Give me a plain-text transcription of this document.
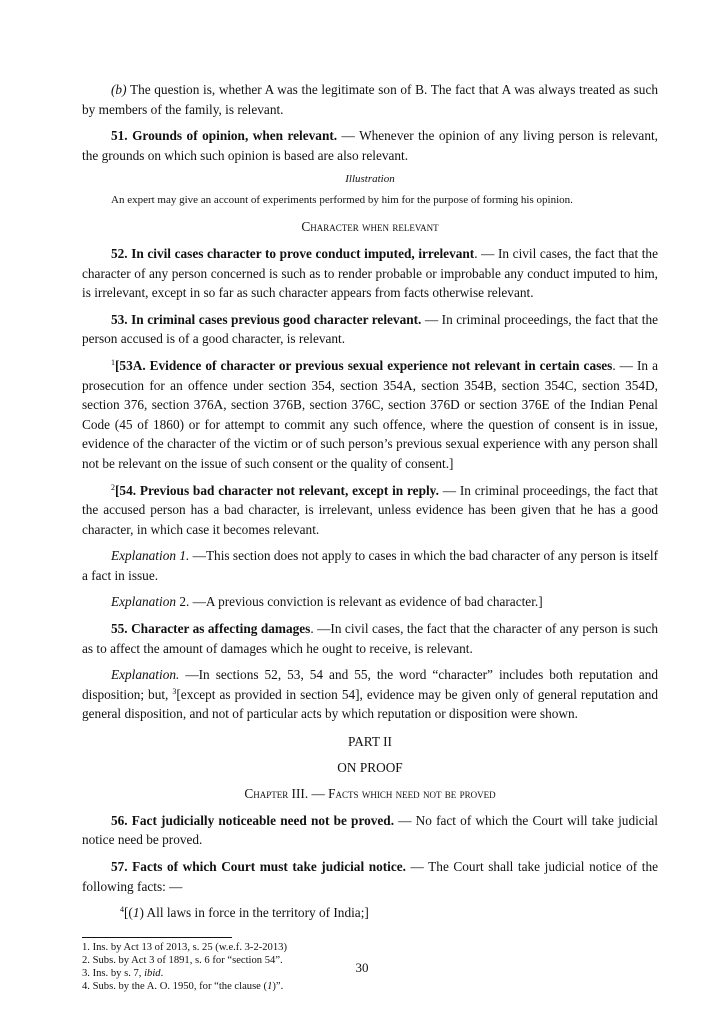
(b) The question is, whether A was the legitimate son of B. The fact that A was always treated as such by members of the family, is relevant.

51. Grounds of opinion, when relevant. — Whenever the opinion of any living person is relevant, the grounds on which such opinion is based are also relevant.

Illustration

An expert may give an account of experiments performed by him for the purpose of forming his opinion.

Character when relevant

52. In civil cases character to prove conduct imputed, irrelevant. — In civil cases, the fact that the character of any person concerned is such as to render probable or improbable any conduct imputed to him, is irrelevant, except in so far as such character appears from facts otherwise relevant.

53. In criminal cases previous good character relevant. — In criminal proceedings, the fact that the person accused is of a good character, is relevant.

$^1$[53A. Evidence of character or previous sexual experience not relevant in certain cases. — In a prosecution for an offence under section 354, section 354A, section 354B, section 354C, section 354D, section 376, section 376A, section 376B, section 376C, section 376D or section 376E of the Indian Penal Code (45 of 1860) or for attempt to commit any such offence, where the question of consent is in issue, evidence of the character of the victim or of such person’s previous sexual experience with any person shall not be relevant on the issue of such consent or the quality of consent.]

$^2$[54. Previous bad character not relevant, except in reply. — In criminal proceedings, the fact that the accused person has a bad character, is irrelevant, unless evidence has been given that he has a good character, in which case it becomes relevant.

Explanation 1. —This section does not apply to cases in which the bad character of any person is itself a fact in issue.

Explanation 2. —A previous conviction is relevant as evidence of bad character.]

55. Character as affecting damages. —In civil cases, the fact that the character of any person is such as to affect the amount of damages which he ought to receive, is relevant.

Explanation. —In sections 52, 53, 54 and 55, the word “character” includes both reputation and disposition; but, $^3$[except as provided in section 54], evidence may be given only of general reputation and general disposition, and not of particular acts by which reputation or disposition were shown.

PART II

ON PROOF

Chapter III. — Facts which need not be proved

56. Fact judicially noticeable need not be proved. — No fact of which the Court will take judicial notice need be proved.

57. Facts of which Court must take judicial notice. — The Court shall take judicial notice of the following facts: —

$^4$[(1) All laws in force in the territory of India;]

1. Ins. by Act 13 of 2013, s. 25 (w.e.f. 3-2-2013)

2. Subs. by Act 3 of 1891, s. 6 for “section 54”.

3. Ins. by s. 7, ibid.

4. Subs. by the A. O. 1950, for “the clause (1)”.

30
